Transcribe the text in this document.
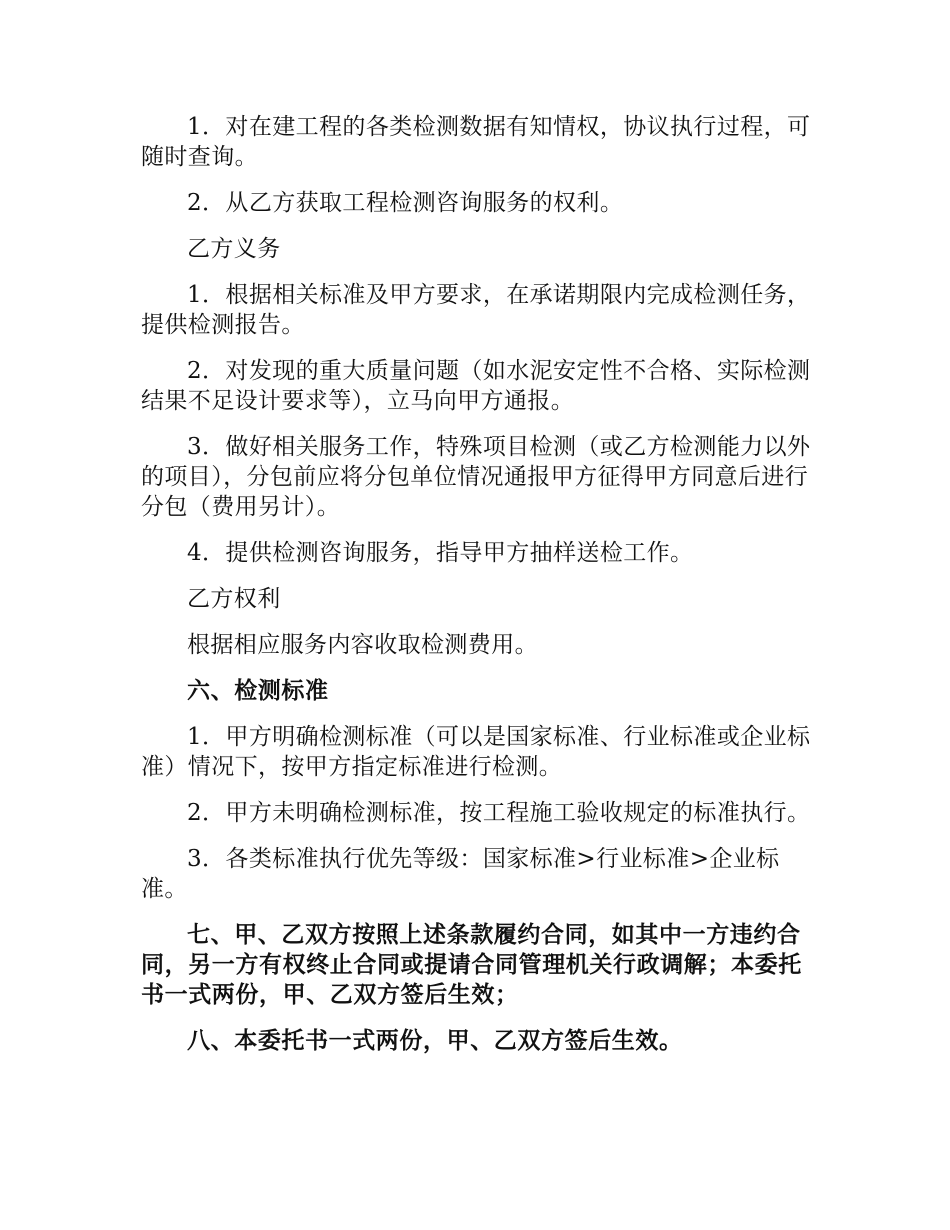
1．对在建工程的各类检测数据有知情权，协议执行过程，可随时查询。

2．从乙方获取工程检测咨询服务的权利。

乙方义务

1．根据相关标准及甲方要求，在承诺期限内完成检测任务，提供检测报告。

2．对发现的重大质量问题（如水泥安定性不合格、实际检测结果不足设计要求等），立马向甲方通报。

3．做好相关服务工作，特殊项目检测（或乙方检测能力以外的项目），分包前应将分包单位情况通报甲方征得甲方同意后进行分包（费用另计）。

4．提供检测咨询服务，指导甲方抽样送检工作。

乙方权利

根据相应服务内容收取检测费用。

六、检测标准

1．甲方明确检测标准（可以是国家标准、行业标准或企业标准）情况下，按甲方指定标准进行检测。

2．甲方未明确检测标准，按工程施工验收规定的标准执行。

3．各类标准执行优先等级：国家标准>行业标准>企业标准。

七、甲、乙双方按照上述条款履约合同，如其中一方违约合同，另一方有权终止合同或提请合同管理机关行政调解；本委托书一式两份，甲、乙双方签后生效；

八、本委托书一式两份，甲、乙双方签后生效。
